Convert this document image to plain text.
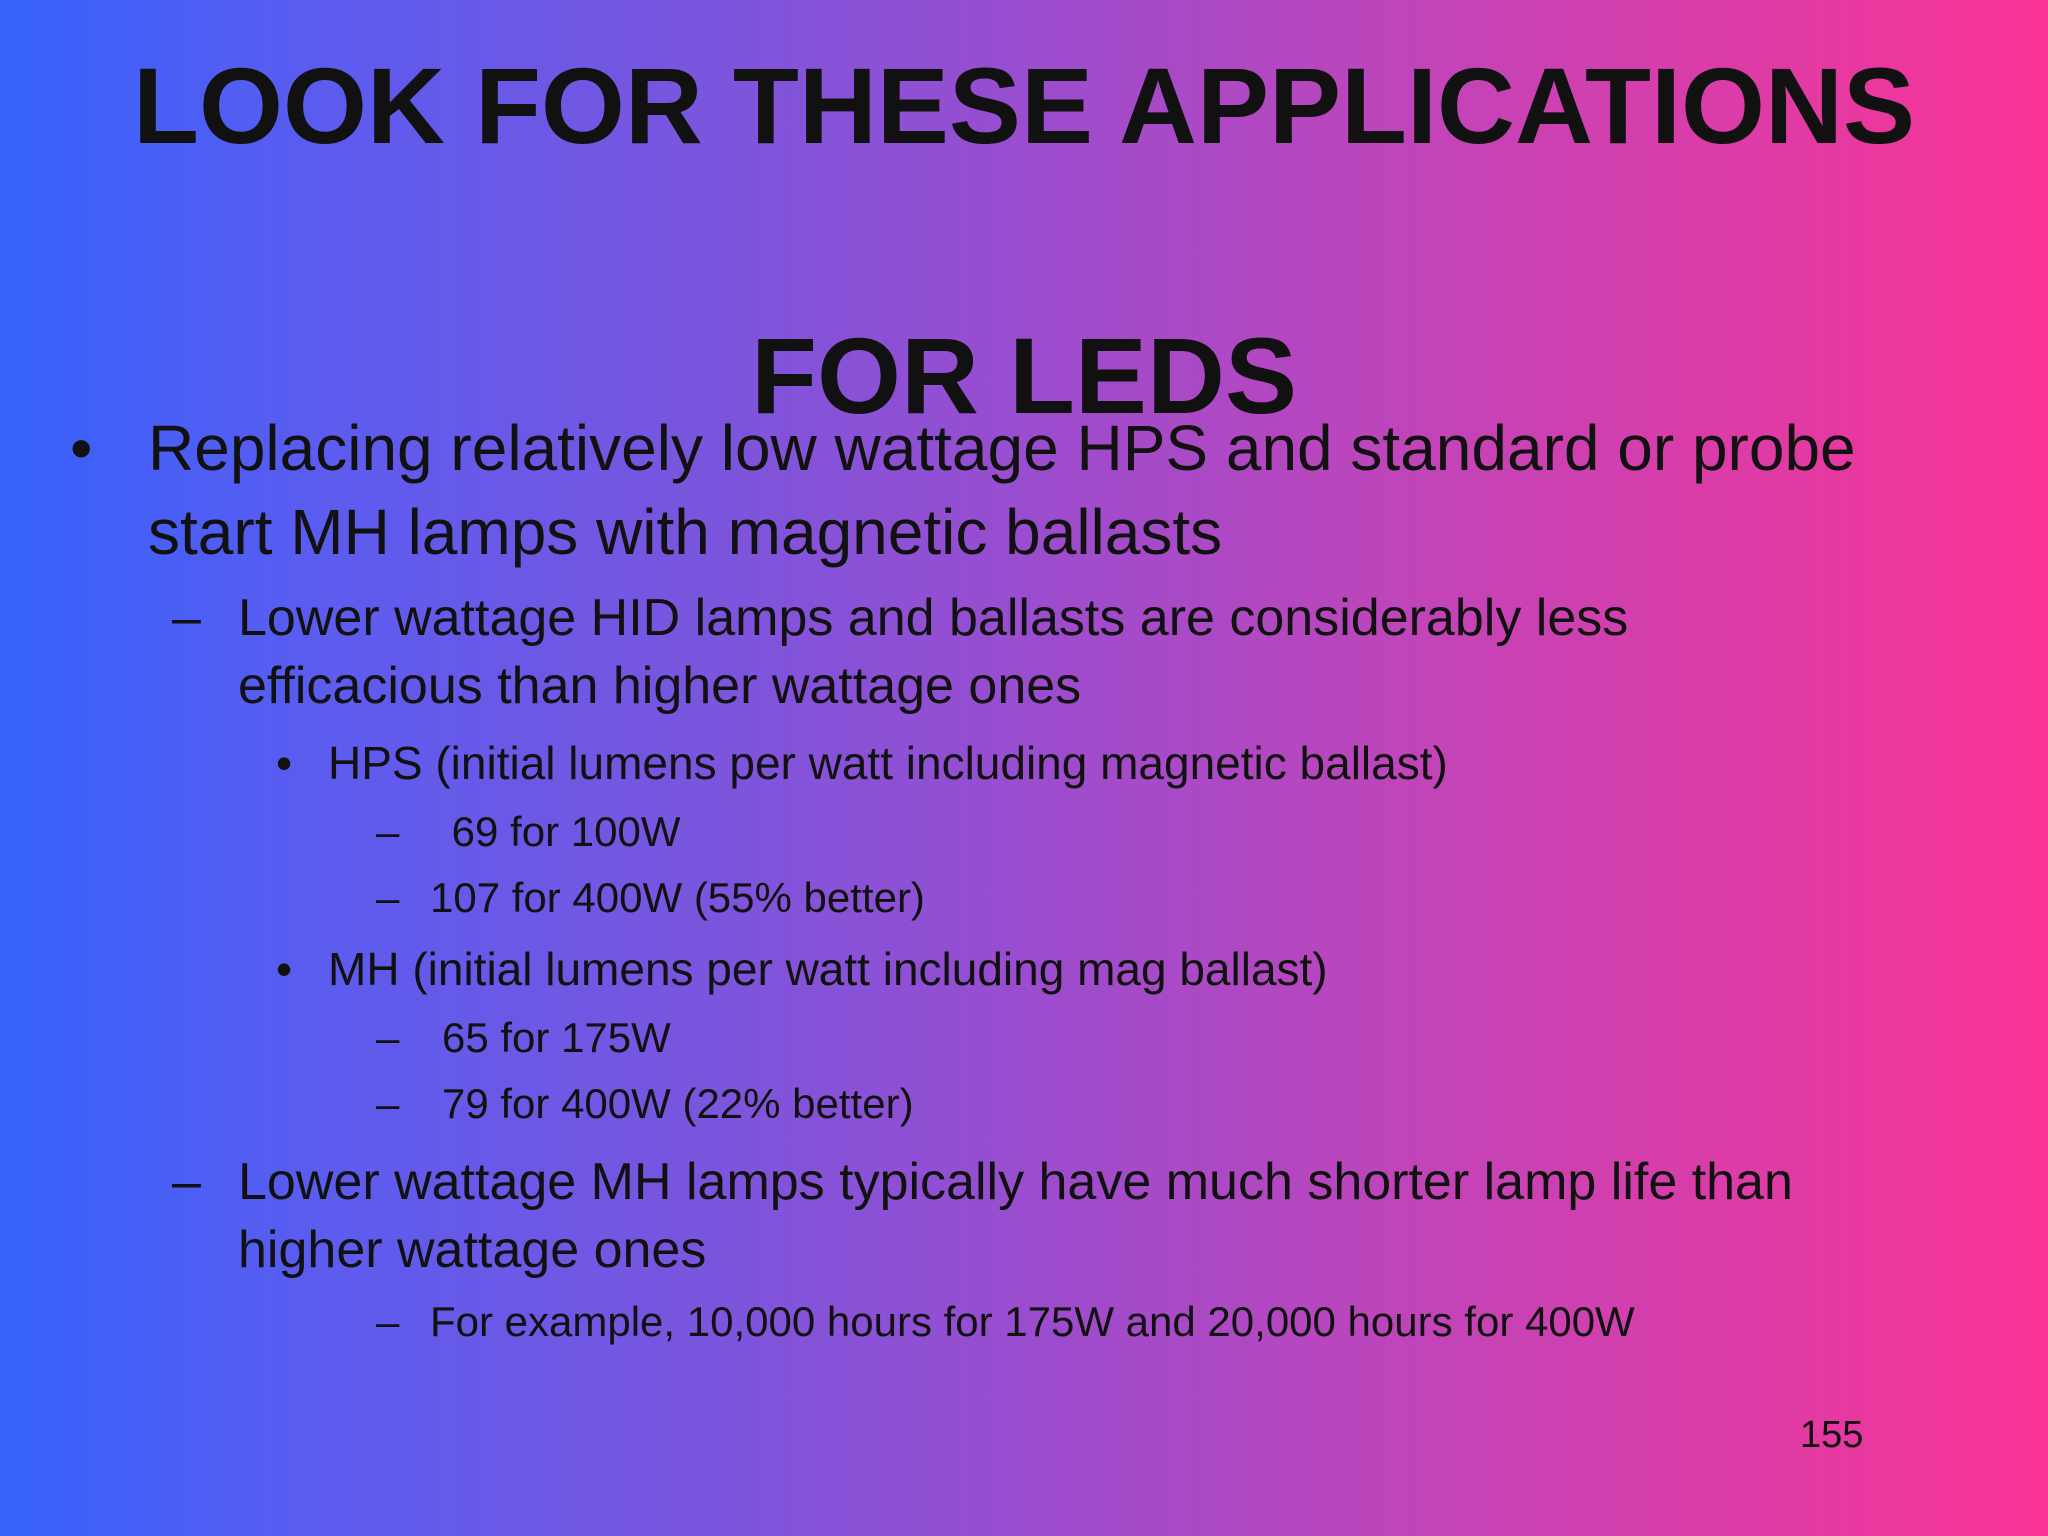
LOOK FOR THESE APPLICATIONS
FOR LEDS
• Replacing relatively low wattage HPS and standard or probe
start MH lamps with magnetic ballasts
– Lower wattage HID lamps and ballasts are considerably less
efficacious than higher wattage ones
• HPS (initial lumens per watt including magnetic ballast)
– 69 for 100W
– 107 for 400W (55% better)
• MH (initial lumens per watt including mag ballast)
– 65 for 175W
– 79 for 400W (22% better)
– Lower wattage MH lamps typically have much shorter lamp life than
higher wattage ones
– For example, 10,000 hours for 175W and 20,000 hours for 400W
155
